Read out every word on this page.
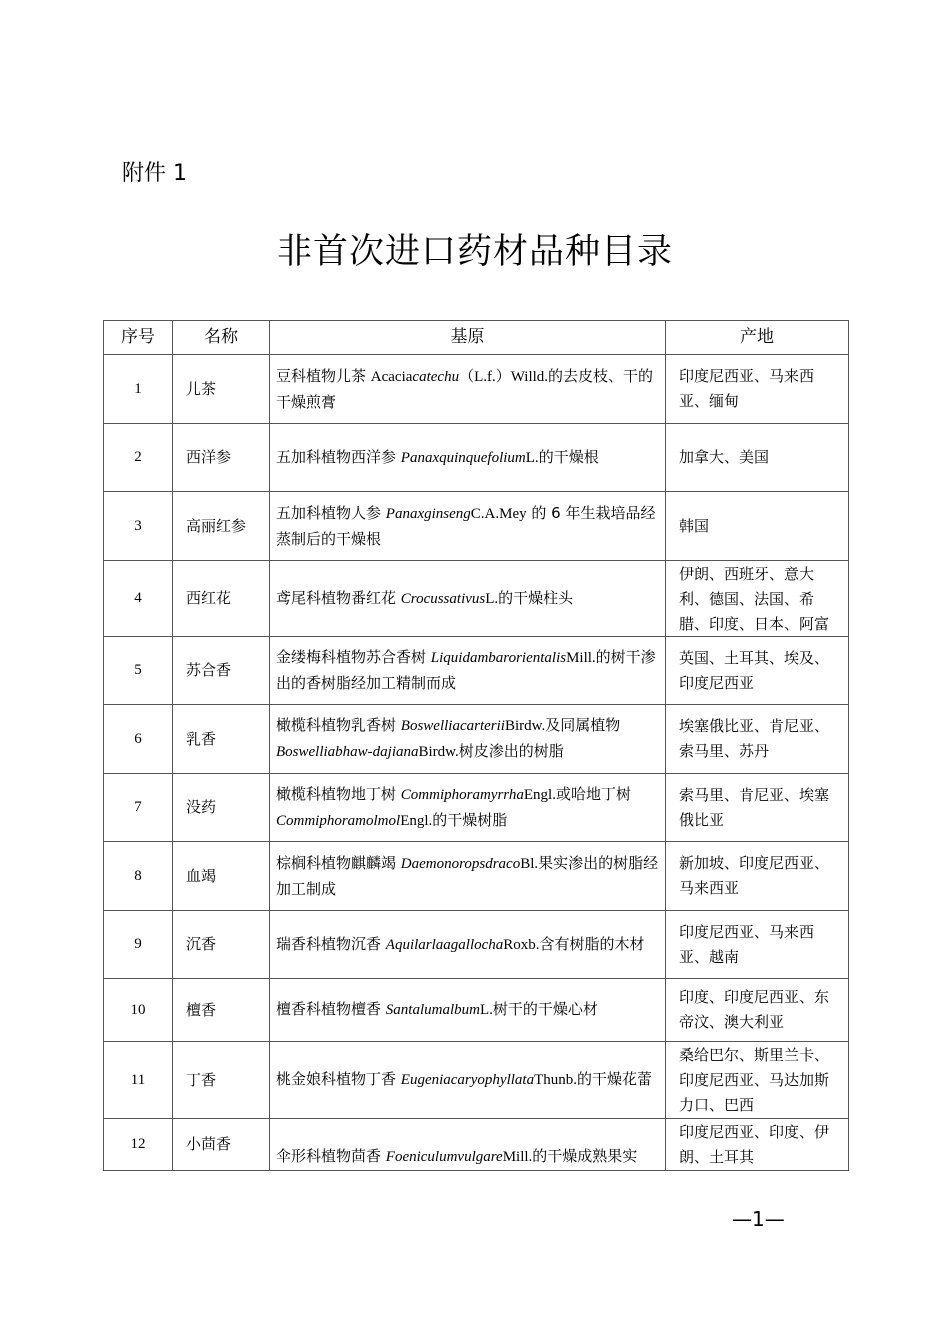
附件 1
非首次进口药材品种目录
序号	名称	基原	产地
1	儿茶	豆科植物儿茶 Acaciacatechu（L.f.）Willd.的去皮枝、干的干燥煎膏	印度尼西亚、马来西亚、缅甸

2	西洋参	五加科植物西洋参 PanaxquinquefoliumL.的干燥根	加拿大、美国

3	高丽红参	五加科植物人参 PanaxginsengC.A.Mey 的 6 年生栽培品经蒸制后的干燥根	韩国

4	西红花	鸢尾科植物番红花 CrocussativusL.的干燥柱头	伊朗、西班牙、意大利、德国、法国、希腊、印度、日本、阿富

5	苏合香	金缕梅科植物苏合香树 LiquidambarorientalisMill.的树干渗出的香树脂经加工精制而成	英国、土耳其、埃及、印度尼西亚

6	乳香	橄榄科植物乳香树 BoswelliacarteriiBirdw.及同属植物
Boswelliabhaw-dajianaBirdw.树皮渗出的树脂	埃塞俄比亚、肯尼亚、索马里、苏丹

7	没药	橄榄科植物地丁树 CommiphoramyrrhaEngl.或哈地丁树
CommiphoramolmolEngl.的干燥树脂	索马里、肯尼亚、埃塞俄比亚

8	血竭	棕榈科植物麒麟竭 DaemonoropsdracoBl.果实渗出的树脂经加工制成	新加坡、印度尼西亚、马来西亚

9	沉香	瑞香科植物沉香 AquilarlaagallochaRoxb.含有树脂的木材	印度尼西亚、马来西亚、越南

10	檀香	檀香科植物檀香 SantalumalbumL.树干的干燥心材	印度、印度尼西亚、东帝汶、澳大利亚

11	丁香	桃金娘科植物丁香 EugeniacaryophyllataThunb.的干燥花蕾	桑给巴尔、斯里兰卡、印度尼西亚、马达加斯力口、巴西

12	小茴香	伞形科植物茴香 FoeniculumvulgareMill.的干燥成熟果实	印度尼西亚、印度、伊朗、土耳其
—1—
